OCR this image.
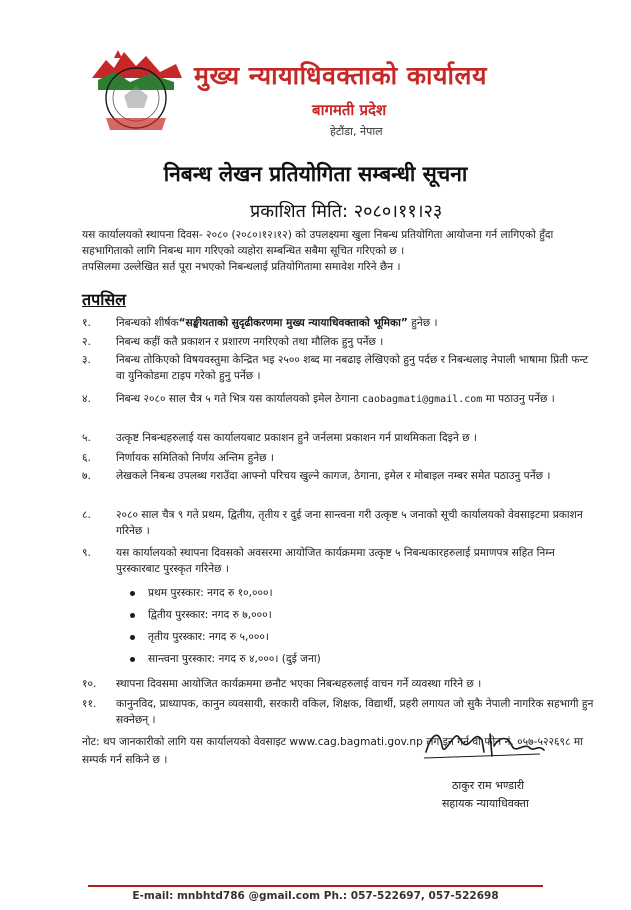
मुख्य न्यायाधिवक्ताको कार्यालय
बागमती प्रदेश
हेटौंडा, नेपाल
निबन्ध लेखन प्रतियोगिता सम्बन्धी सूचना
प्रकाशित मिति: २०८०।११।२३

यस कार्यालयको स्थापना दिवस- २०८० (२०८०।१२।१२) को उपलक्ष्यमा खुला निबन्ध प्रतियोगिता आयोजना गर्न लागिएको हुँदा सहभागिताको लागि निबन्ध माग गरिएको व्यहोरा सम्बन्धित सबैमा सूचित गरिएको छ ।

तपसिलमा उल्लेखित सर्त पूरा नभएको निबन्धलाई प्रतियोगितामा समावेश गरिने छैन ।

तपसिल
१.	निबन्धको शीर्षक“सङ्घीयताको सुदृढीकरणमा मुख्य न्यायाधिवक्ताको भूमिका” हुनेछ ।
२.	निबन्ध कहीं कतै प्रकाशन र प्रशारण नगरिएको तथा मौलिक हुनु पर्नेछ ।
३.	निबन्ध तोकिएको विषयवस्तुमा केन्द्रित भइ २५०० शब्द मा नबढाइ लेखिएको हुनु पर्दछ र निबन्धलाइ नेपाली भाषामा प्रिती फन्ट वा युनिकोडमा टाइप गरेको हुनु पर्नेछ ।
४.	निबन्ध २०८० साल चैत्र ५ गते भित्र यस कार्यालयको इमेल ठेगाना caobagmati@gmail.com मा पठाउनु पर्नेछ ।
५.	उत्कृष्ट निबन्धहरुलाई यस कार्यालयबाट प्रकाशन हुने जर्नलमा प्रकाशन गर्न प्राथमिकता दिइने छ ।
६.	निर्णायक समितिको निर्णय अन्तिम हुनेछ ।
७.	लेखकले निबन्ध उपलब्ध गराउँदा आफ्नो परिचय खुल्ने कागज, ठेगाना, इमेल र मोबाइल नम्बर समेत पठाउनु पर्नेछ ।
८.	२०८० साल चैत्र ९ गते प्रथम, द्वितीय, तृतीय र दुई जना सान्त्वना गरी उत्कृष्ट ५ जनाको सूची कार्यालयको वेवसाइटमा प्रकाशन गरिनेछ ।
९.	यस कार्यालयको स्थापना दिवसको अवसरमा आयोजित कार्यक्रममा उत्कृष्ट ५ निबन्धकारहरुलाई प्रमाणपत्र सहित निम्न पुरस्कारबाट पुरस्कृत गरिनेछ ।
प्रथम पुरस्कार: नगद रु १०,०००।
द्वितीय पुरस्कार: नगद रु ७,०००।
तृतीय पुरस्कार: नगद रु ५,०००।
सान्त्वना पुरस्कार: नगद रु ४,०००। (दुई जना)
१०.	स्थापना दिवसमा आयोजित कार्यक्रममा छनौट भएका निबन्धहरुलाई वाचन गर्ने व्यवस्था गरिने छ ।
११.	कानुनविद, प्राध्यापक, कानुन व्यवसायी, सरकारी वकिल, शिक्षक, विद्यार्थी, प्रहरी लगायत जो सुकै नेपाली नागरिक सहभागी हुन सक्नेछन् ।
नोट: थप जानकारीको लागि यस कार्यालयको वेवसाइट www.cag.bagmati.gov.np लग इन गर्न वा फोन नं. ०५७-५२२६९८ मा सम्पर्क गर्न सकिने छ ।
ठाकुर राम भण्डारी
सहायक न्यायाधिवक्ता
E-mail: mnbhtd786 @gmail.com Ph.: 057-522697, 057-522698
